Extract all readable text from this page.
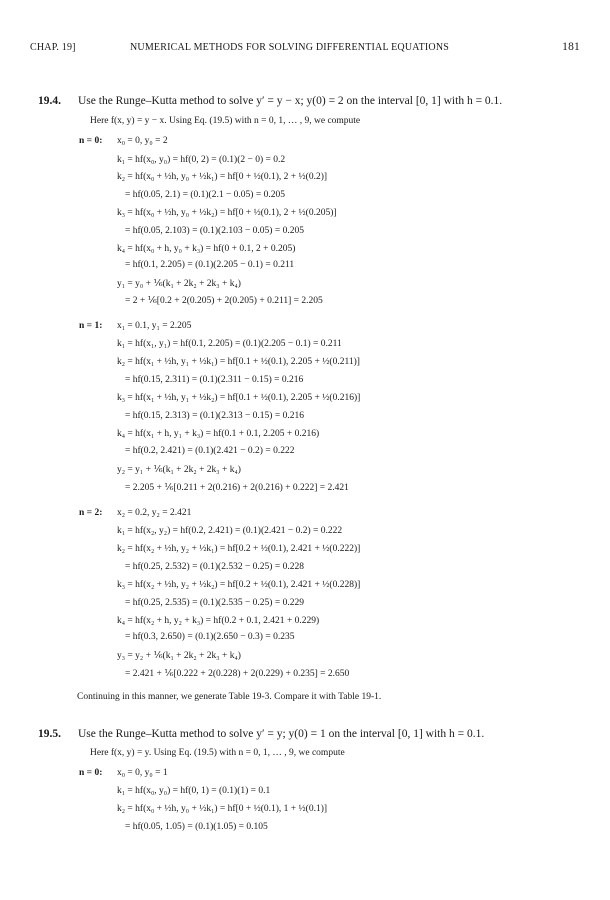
CHAP. 19]	NUMERICAL METHODS FOR SOLVING DIFFERENTIAL EQUATIONS	181
19.4. Use the Runge–Kutta method to solve y′ = y − x; y(0) = 2 on the interval [0, 1] with h = 0.1.
Here f(x, y) = y − x. Using Eq. (19.5) with n = 0, 1, … , 9, we compute
n = 0: x₀ = 0, y₀ = 2
k₁ = hf(x₀, y₀) = hf(0, 2) = (0.1)(2 − 0) = 0.2
k₂ = hf(x₀ + ½h, y₀ + ½k₁) = hf[0 + ½(0.1), 2 + ½(0.2)]
= hf(0.05, 2.1) = (0.1)(2.1 − 0.05) = 0.205
k₃ = hf(x₀ + ½h, y₀ + ½k₂) = hf[0 + ½(0.1), 2 + ½(0.205)]
= hf(0.05, 2.103) = (0.1)(2.103 − 0.05) = 0.205
k₄ = hf(x₀ + h, y₀ + k₃) = hf(0 + 0.1, 2 + 0.205)
= hf(0.1, 2.205) = (0.1)(2.205 − 0.1) = 0.211
y₁ = y₀ + ⅙(k₁ + 2k₂ + 2k₃ + k₄)
= 2 + ⅙[0.2 + 2(0.205) + 2(0.205) + 0.211] = 2.205
n = 1: x₁ = 0.1, y₁ = 2.205
k₁ = hf(x₁, y₁) = hf(0.1, 2.205) = (0.1)(2.205 − 0.1) = 0.211
k₂ = hf(x₁ + ½h, y₁ + ½k₁) = hf[0.1 + ½(0.1), 2.205 + ½(0.211)]
= hf(0.15, 2.311) = (0.1)(2.311 − 0.15) = 0.216
k₃ = hf(x₁ + ½h, y₁ + ½k₂) = hf[0.1 + ½(0.1), 2.205 + ½(0.216)]
= hf(0.15, 2.313) = (0.1)(2.313 − 0.15) = 0.216
k₄ = hf(x₁ + h, y₁ + k₃) = hf(0.1 + 0.1, 2.205 + 0.216)
= hf(0.2, 2.421) = (0.1)(2.421 − 0.2) = 0.222
y₂ = y₁ + ⅙(k₁ + 2k₂ + 2k₃ + k₄)
= 2.205 + ⅙[0.211 + 2(0.216) + 2(0.216) + 0.222] = 2.421
n = 2: x₂ = 0.2, y₂ = 2.421
k₁ = hf(x₂, y₂) = hf(0.2, 2.421) = (0.1)(2.421 − 0.2) = 0.222
k₂ = hf(x₂ + ½h, y₂ + ½k₁) = hf[0.2 + ½(0.1), 2.421 + ½(0.222)]
= hf(0.25, 2.532) = (0.1)(2.532 − 0.25) = 0.228
k₃ = hf(x₂ + ½h, y₂ + ½k₂) = hf[0.2 + ½(0.1), 2.421 + ½(0.228)]
= hf(0.25, 2.535) = (0.1)(2.535 − 0.25) = 0.229
k₄ = hf(x₂ + h, y₂ + k₃) = hf(0.2 + 0.1, 2.421 + 0.229)
= hf(0.3, 2.650) = (0.1)(2.650 − 0.3) = 0.235
y₃ = y₂ + ⅙(k₁ + 2k₂ + 2k₃ + k₄)
= 2.421 + ⅙[0.222 + 2(0.228) + 2(0.229) + 0.235] = 2.650
Continuing in this manner, we generate Table 19-3. Compare it with Table 19-1.
19.5. Use the Runge–Kutta method to solve y′ = y; y(0) = 1 on the interval [0, 1] with h = 0.1.
Here f(x, y) = y. Using Eq. (19.5) with n = 0, 1, … , 9, we compute
n = 0: x₀ = 0, y₀ = 1
k₁ = hf(x₀, y₀) = hf(0, 1) = (0.1)(1) = 0.1
k₂ = hf(x₀ + ½h, y₀ + ½k₁) = hf[0 + ½(0.1), 1 + ½(0.1)]
= hf(0.05, 1.05) = (0.1)(1.05) = 0.105
